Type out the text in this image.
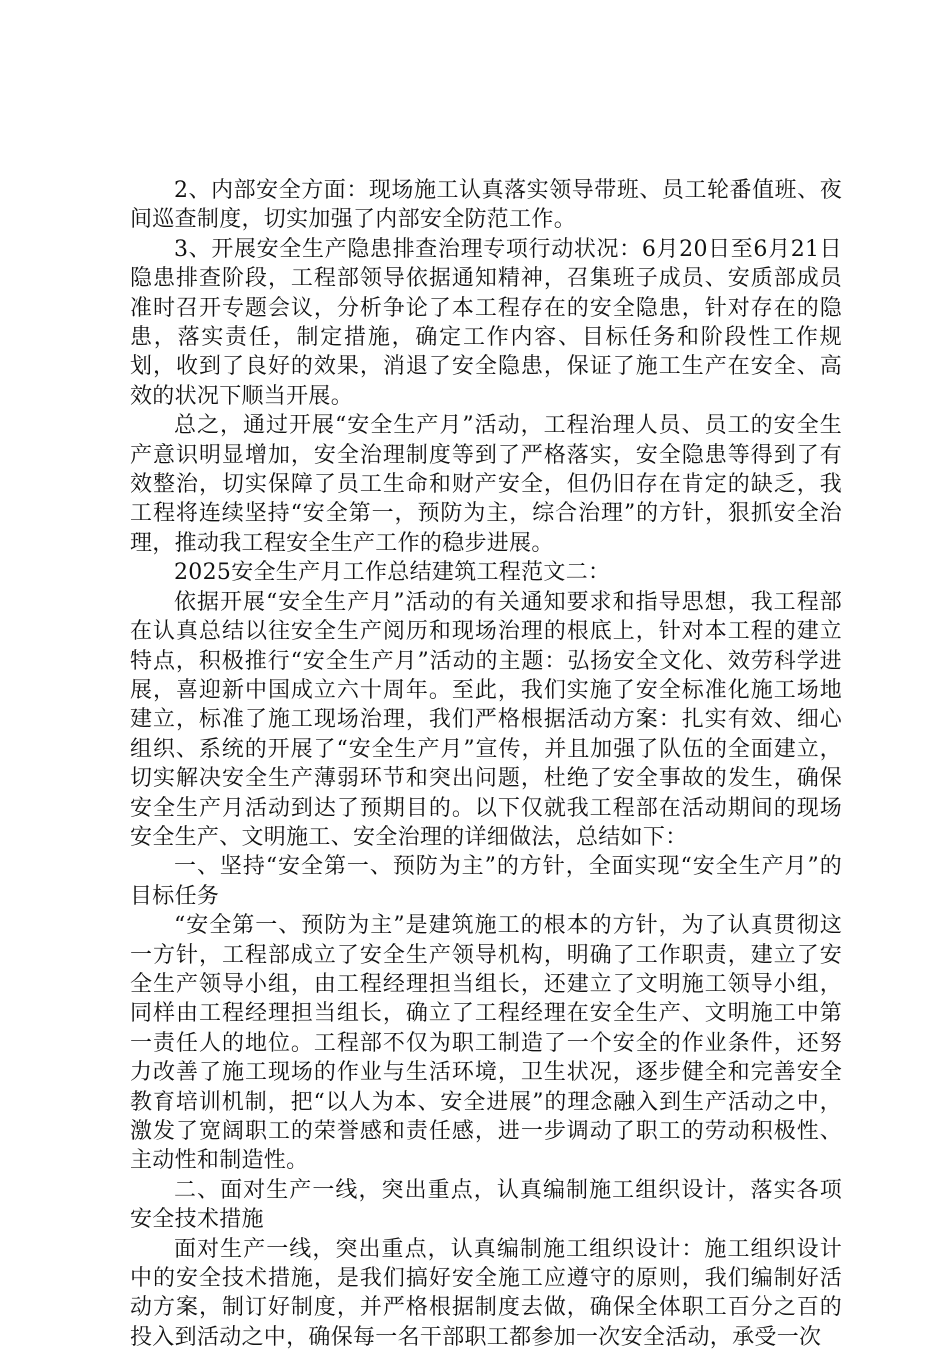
2、内部安全方面：现场施工认真落实领导带班、员工轮番值班、夜间巡查制度，切实加强了内部安全防范工作。

3、开展安全生产隐患排查治理专项行动状况：6月20日至6月21日隐患排查阶段，工程部领导依据通知精神，召集班子成员、安质部成员准时召开专题会议，分析争论了本工程存在的安全隐患，针对存在的隐患，落实责任，制定措施，确定工作内容、目标任务和阶段性工作规划，收到了良好的效果，消退了安全隐患，保证了施工生产在安全、高效的状况下顺当开展。

总之，通过开展“安全生产月”活动，工程治理人员、员工的安全生产意识明显增加，安全治理制度等到了严格落实，安全隐患等得到了有效整治，切实保障了员工生命和财产安全，但仍旧存在肯定的缺乏，我工程将连续坚持“安全第一，预防为主，综合治理”的方针，狠抓安全治理，推动我工程安全生产工作的稳步进展。

2025安全生产月工作总结建筑工程范文二：

依据开展“安全生产月”活动的有关通知要求和指导思想，我工程部在认真总结以往安全生产阅历和现场治理的根底上，针对本工程的建立特点，积极推行“安全生产月”活动的主题：弘扬安全文化、效劳科学进展，喜迎新中国成立六十周年。至此，我们实施了安全标准化施工场地建立，标准了施工现场治理，我们严格根据活动方案：扎实有效、细心组织、系统的开展了“安全生产月”宣传，并且加强了队伍的全面建立，切实解决安全生产薄弱环节和突出问题，杜绝了安全事故的发生，确保安全生产月活动到达了预期目的。以下仅就我工程部在活动期间的现场安全生产、文明施工、安全治理的详细做法，总结如下：

一、坚持“安全第一、预防为主”的方针，全面实现“安全生产月”的目标任务

“安全第一、预防为主”是建筑施工的根本的方针，为了认真贯彻这一方针，工程部成立了安全生产领导机构，明确了工作职责，建立了安全生产领导小组，由工程经理担当组长，还建立了文明施工领导小组，同样由工程经理担当组长，确立了工程经理在安全生产、文明施工中第一责任人的地位。工程部不仅为职工制造了一个安全的作业条件，还努力改善了施工现场的作业与生活环境，卫生状况，逐步健全和完善安全教育培训机制，把“以人为本、安全进展”的理念融入到生产活动之中，激发了宽阔职工的荣誉感和责任感，进一步调动了职工的劳动积极性、主动性和制造性。

二、面对生产一线，突出重点，认真编制施工组织设计，落实各项安全技术措施

面对生产一线，突出重点，认真编制施工组织设计：施工组织设计中的安全技术措施，是我们搞好安全施工应遵守的原则，我们编制好活动方案，制订好制度，并严格根据制度去做，确保全体职工百分之百的投入到活动之中，确保每一名干部职工都参加一次安全活动，承受一次
